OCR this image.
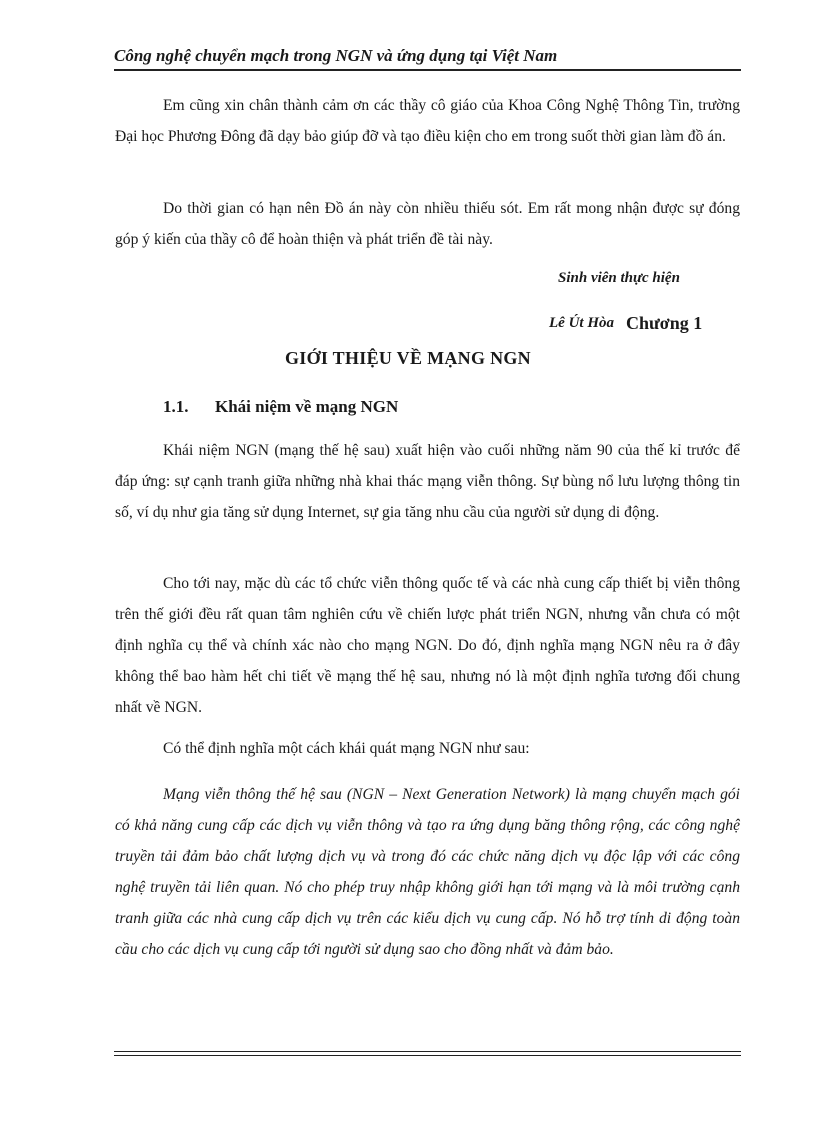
Công nghệ chuyển mạch trong NGN và ứng dụng tại Việt Nam

Em cũng xin chân thành cảm ơn các thầy cô giáo của Khoa Công Nghệ Thông Tin, trường Đại học Phương Đông đã dạy bảo giúp đỡ và tạo điều kiện cho em trong suốt thời gian làm đồ án.

Do thời gian có hạn nên Đồ án này còn nhiều thiếu sót. Em rất mong nhận được sự đóng góp ý kiến của thầy cô để hoàn thiện và phát triển đề tài này.

Sinh viên thực hiện
Lê Út Hòa Chương 1
GIỚI THIỆU VỀ MẠNG NGN
1.1. Khái niệm về mạng NGN

Khái niệm NGN (mạng thế hệ sau) xuất hiện vào cuối những năm 90 của thế kỉ trước để đáp ứng: sự cạnh tranh giữa những nhà khai thác mạng viễn thông. Sự bùng nổ lưu lượng thông tin số, ví dụ như gia tăng sử dụng Internet, sự gia tăng nhu cầu của người sử dụng di động.

Cho tới nay, mặc dù các tổ chức viễn thông quốc tế và các nhà cung cấp thiết bị viễn thông trên thế giới đều rất quan tâm nghiên cứu về chiến lược phát triển NGN, nhưng vẫn chưa có một định nghĩa cụ thể và chính xác nào cho mạng NGN. Do đó, định nghĩa mạng NGN nêu ra ở đây không thể bao hàm hết chi tiết về mạng thế hệ sau, nhưng nó là một định nghĩa tương đối chung nhất về NGN.

Có thể định nghĩa một cách khái quát mạng NGN như sau:

Mạng viễn thông thế hệ sau (NGN – Next Generation Network) là mạng chuyển mạch gói có khả năng cung cấp các dịch vụ viễn thông và tạo ra ứng dụng băng thông rộng, các công nghệ truyền tải đảm bảo chất lượng dịch vụ và trong đó các chức năng dịch vụ độc lập với các công nghệ truyền tải liên quan. Nó cho phép truy nhập không giới hạn tới mạng và là môi trường cạnh tranh giữa các nhà cung cấp dịch vụ trên các kiểu dịch vụ cung cấp. Nó hỗ trợ tính di động toàn cầu cho các dịch vụ cung cấp tới người sử dụng sao cho đồng nhất và đảm bảo.
